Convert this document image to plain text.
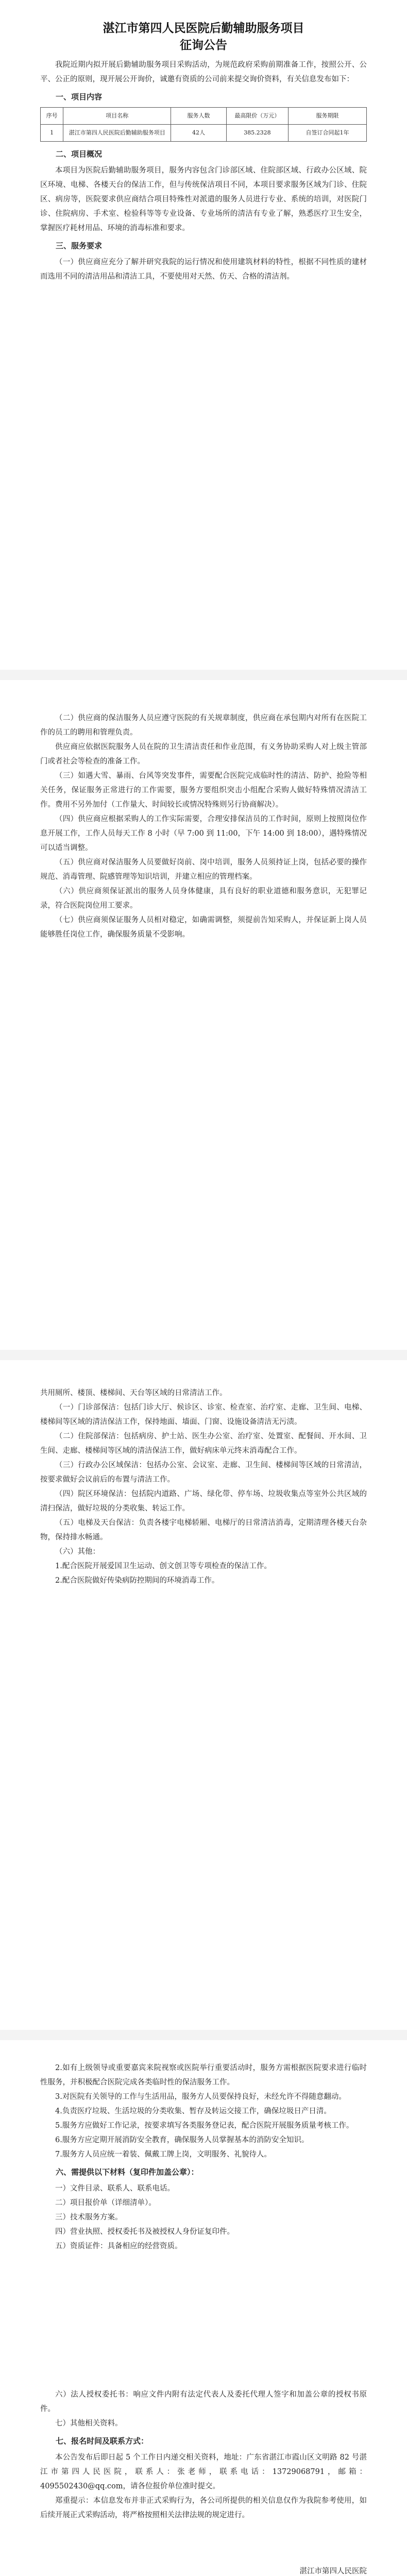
湛江市第四人民医院后勤辅助服务项目
征询公告

我院近期内拟开展后勤辅助服务项目采购活动，为规范政府采购前期准备工作，按照公开、公平、公正的原则，现开展公开询价，诚邀有资质的公司前来提交询价资料，有关信息发布如下：

一、项目内容

序号	项目名称	服务人数	最高限价（万元）	服务期限
1	湛江市第四人民医院后勤辅助服务项目	42人	385.2328	自签订合同起1年

二、项目概况

本项目为医院后勤辅助服务项目，服务内容包含门诊部区域、住院部区域、行政办公区域、院区环境、电梯、各楼天台的保洁工作，但与传统保洁项目不同，本项目要求服务区域为门诊、住院区、病房等，医院要求供应商结合项目特殊性对派遣的服务人员进行专业、系统的培训，对医院门诊、住院病房、手术室、检验科等等专业设备、专业场所的清洁有专业了解，熟悉医疗卫生安全，掌握医疗耗材用品、环境的消毒标准和要求。

三、服务要求

（一）供应商应充分了解并研究我院的运行情况和使用建筑材料的特性，根据不同性质的建材而选用不同的清洁用品和清洁工具，不要使用对天然、仿天、合格的清洁剂。

（二）供应商的保洁服务人员应遵守医院的有关规章制度，供应商在承包期内对所有在医院工作的员工的聘用和管理负责。

供应商应依据医院服务人员在院的卫生清洁责任和作业范围，有义务协助采购人对上级主管部门或者社会等检查的准备工作。

（三）如遇大雪、暴雨、台风等突发事件，需要配合医院完成临时性的清洁、防护、抢险等相关任务，保证服务正常进行的工作需要，服务方要组织突击小组配合采购人做好特殊情况清洁工作。费用不另外加付（工作量大、时间较长或情况特殊则另行协商解决）。

（四）供应商应根据采购人的工作实际需要，合理安排保洁员的工作时间，原则上按照岗位作息开展工作，工作人员每天工作 8 小时（早 7:00 到 11:00，下午 14:00 到 18:00），遇特殊情况可以适当调整。

（五）供应商对保洁服务人员要做好岗前、岗中培训，服务人员须持证上岗，包括必要的操作规范、消毒管理、院感管理等知识培训，并建立相应的管理档案。

（六）供应商须保证派出的服务人员身体健康，具有良好的职业道德和服务意识，无犯罪记录，符合医院岗位用工要求。

（七）供应商须保证服务人员相对稳定，如确需调整，须提前告知采购人，并保证新上岗人员能够胜任岗位工作，确保服务质量不受影响。

共用厕所、楼顶、楼梯间、天台等区域的日常清洁工作。

（一）门诊部保洁：包括门诊大厅、候诊区、诊室、检查室、治疗室、走廊、卫生间、电梯、楼梯间等区域的清洁保洁工作，保持地面、墙面、门窗、设施设备清洁无污渍。

（二）住院部保洁：包括病房、护士站、医生办公室、治疗室、处置室、配餐间、开水间、卫生间、走廊、楼梯间等区域的清洁保洁工作，做好病床单元终末消毒配合工作。

（三）行政办公区域保洁：包括办公室、会议室、走廊、卫生间、楼梯间等区域的日常清洁，按要求做好会议前后的布置与清洁工作。

（四）院区环境保洁：包括院内道路、广场、绿化带、停车场、垃圾收集点等室外公共区域的清扫保洁，做好垃圾的分类收集、转运工作。

（五）电梯及天台保洁：负责各楼宇电梯轿厢、电梯厅的日常清洁消毒，定期清理各楼天台杂物，保持排水畅通。

（六）其他：

1.配合医院开展爱国卫生运动、创文创卫等专项检查的保洁工作。

2.配合医院做好传染病防控期间的环境消毒工作。

2.如有上级领导或重要嘉宾来院视察或医院举行重要活动时，服务方需根据医院要求进行临时性服务，并积极配合医院完成各类临时性的保洁服务工作。

3.对医院有关领导的工作与生活用品，服务方人员要保持良好，未经允许不得随意翻动。

4.负责医疗垃圾、生活垃圾的分类收集、暂存及转运交接工作，确保垃圾日产日清。

5.服务方应做好工作记录，按要求填写各类服务登记表，配合医院开展服务质量考核工作。

6.服务方应定期开展消防安全教育，确保服务人员掌握基本的消防安全知识。

7.服务方人员应统一着装、佩戴工牌上岗，文明服务、礼貌待人。

六、需提供以下材料（复印件加盖公章）：

一）文件目录、联系人、联系电话。

二）项目报价单（详细清单）。

三）技术服务方案。

四）营业执照、授权委托书及被授权人身份证复印件。

五）资质证件：具备相应的经营资质。

六）法人授权委托书：响应文件内附有法定代表人及委托代理人签字和加盖公章的授权书原件。

七）其他相关资料。

七、报名时间及联系方式：

本公告发布后即日起 5 个工作日内递交相关资料，地址：广东省湛江市霞山区文明路 82 号湛江市第四人民医院，联系人：张老师，联系电话：13729068791，邮箱：4095502430@qq.com，请各位报价单位准时提交。

郑重提示：本信息发布并非正式采购行为，各公司所提供的相关信息仅作为我院参考使用，如后续开展正式采购活动，将严格按照相关法律法规的规定进行。

湛江市第四人民医院
